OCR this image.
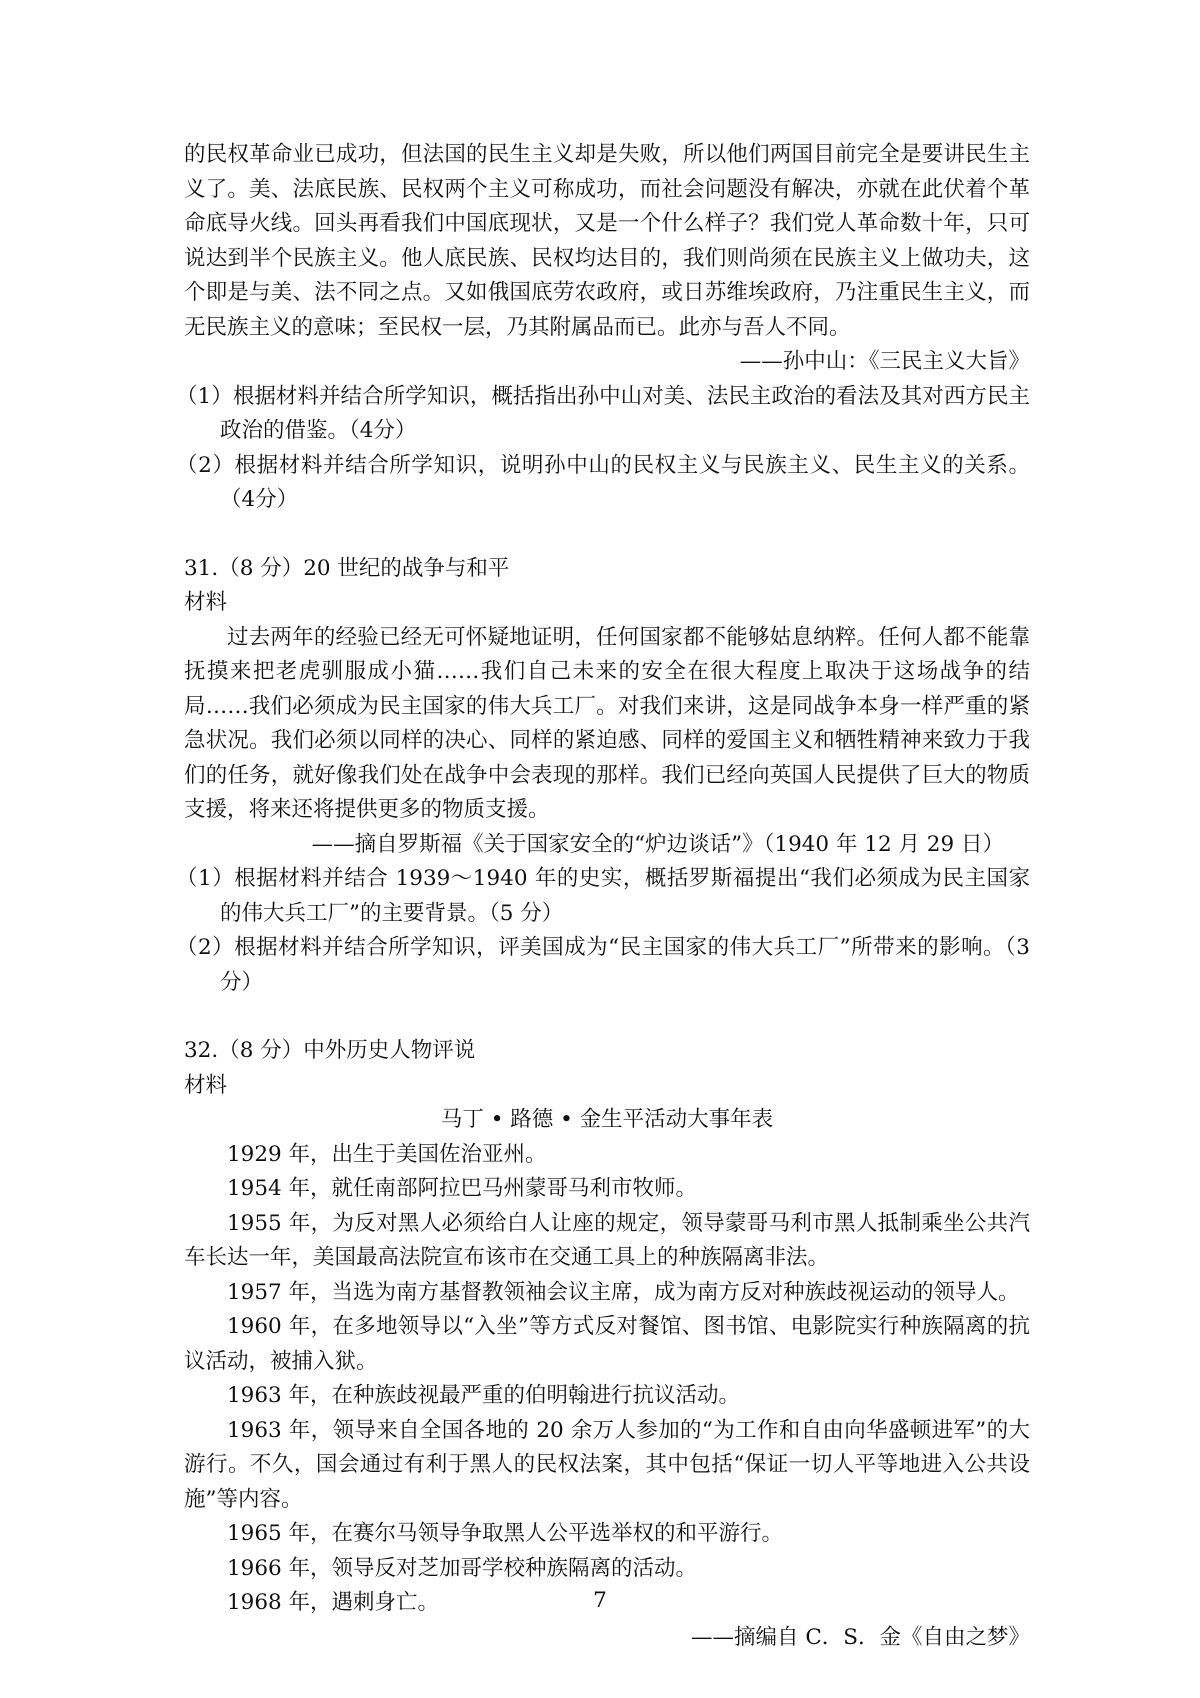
的民权革命业已成功，但法国的民生主义却是失败，所以他们两国目前完全是要讲民生主义了。美、法底民族、民权两个主义可称成功，而社会问题没有解决，亦就在此伏着个革命底导火线。回头再看我们中国底现状，又是一个什么样子？我们党人革命数十年，只可说达到半个民族主义。他人底民族、民权均达目的，我们则尚须在民族主义上做功夫，这个即是与美、法不同之点。又如俄国底劳农政府，或日苏维埃政府，乃注重民生主义，而无民族主义的意味；至民权一层，乃其附属品而已。此亦与吾人不同。

——孙中山：《三民主义大旨》

（1）根据材料并结合所学知识，概括指出孙中山对美、法民主政治的看法及其对西方民主政治的借鉴。（4分）

（2）根据材料并结合所学知识，说明孙中山的民权主义与民族主义、民生主义的关系。（4分）

31.（8 分）20 世纪的战争与和平

材料

过去两年的经验已经无可怀疑地证明，任何国家都不能够姑息纳粹。任何人都不能靠抚摸来把老虎驯服成小猫……我们自己未来的安全在很大程度上取决于这场战争的结局……我们必须成为民主国家的伟大兵工厂。对我们来讲，这是同战争本身一样严重的紧急状况。我们必须以同样的决心、同样的紧迫感、同样的爱国主义和牺牲精神来致力于我们的任务，就好像我们处在战争中会表现的那样。我们已经向英国人民提供了巨大的物质支援，将来还将提供更多的物质支援。

——摘自罗斯福《关于国家安全的“炉边谈话”》（1940 年 12 月 29 日）

（1）根据材料并结合 1939～1940 年的史实，概括罗斯福提出“我们必须成为民主国家的伟大兵工厂”的主要背景。（5 分）

（2）根据材料并结合所学知识，评美国成为“民主国家的伟大兵工厂”所带来的影响。（3 分）

32.（8 分）中外历史人物评说

材料

马丁 • 路德 • 金生平活动大事年表

1929 年，出生于美国佐治亚州。

1954 年，就任南部阿拉巴马州蒙哥马利市牧师。

1955 年，为反对黑人必须给白人让座的规定，领导蒙哥马利市黑人抵制乘坐公共汽车长达一年，美国最高法院宣布该市在交通工具上的种族隔离非法。

1957 年，当选为南方基督教领袖会议主席，成为南方反对种族歧视运动的领导人。

1960 年，在多地领导以“入坐”等方式反对餐馆、图书馆、电影院实行种族隔离的抗议活动，被捕入狱。

1963 年，在种族歧视最严重的伯明翰进行抗议活动。

1963 年，领导来自全国各地的 20 余万人参加的“为工作和自由向华盛顿进军”的大游行。不久，国会通过有利于黑人的民权法案，其中包括“保证一切人平等地进入公共设施”等内容。

1965 年，在赛尔马领导争取黑人公平选举权的和平游行。

1966 年，领导反对芝加哥学校种族隔离的活动。

1968 年，遇刺身亡。

——摘编自 C．S．金《自由之梦》

7
